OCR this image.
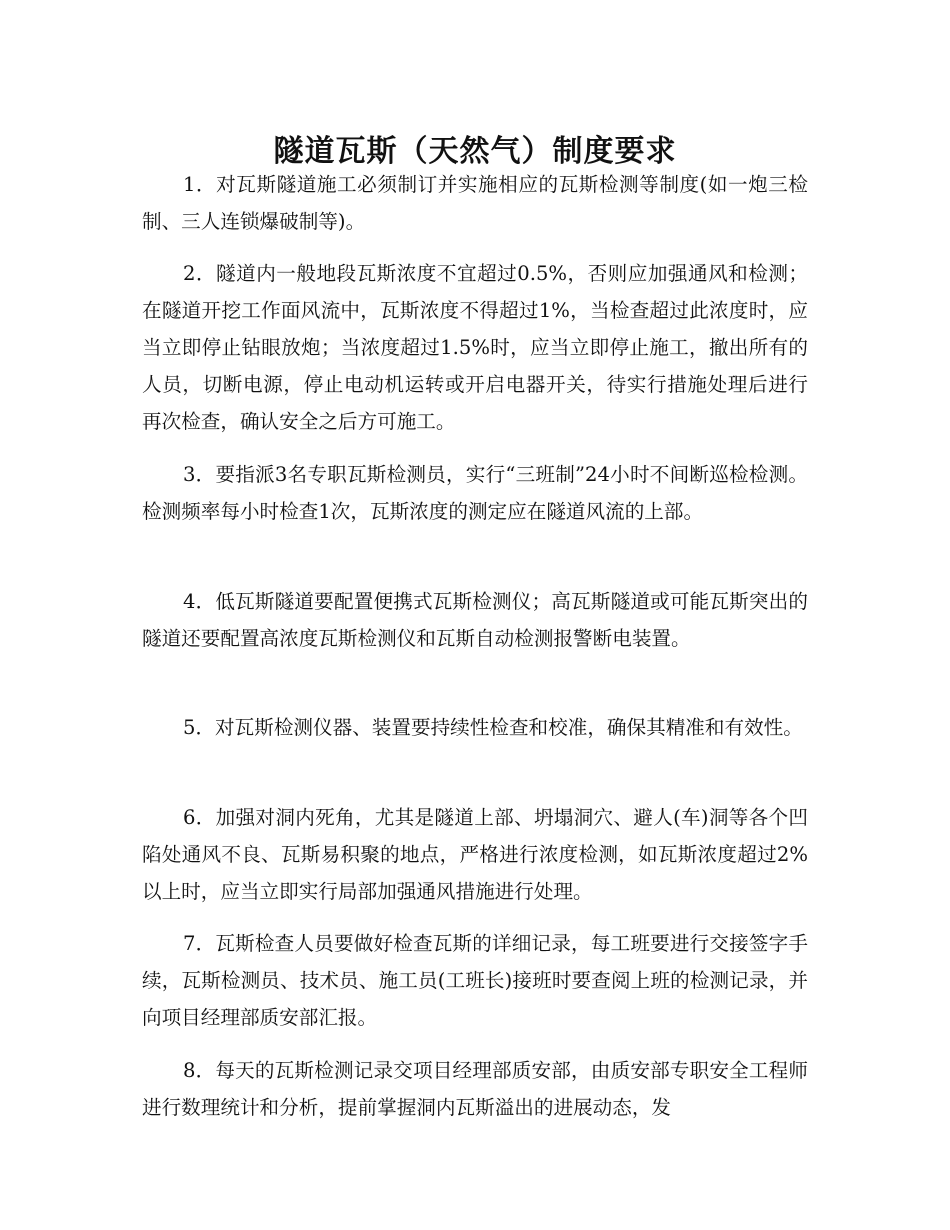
隧道瓦斯（天然气）制度要求

1．对瓦斯隧道施工必须制订并实施相应的瓦斯检测等制度(如一炮三检制、三人连锁爆破制等)。

2．隧道内一般地段瓦斯浓度不宜超过0.5%，否则应加强通风和检测；在隧道开挖工作面风流中，瓦斯浓度不得超过1%，当检查超过此浓度时，应当立即停止钻眼放炮；当浓度超过1.5%时，应当立即停止施工，撤出所有的人员，切断电源，停止电动机运转或开启电器开关，待实行措施处理后进行再次检查，确认安全之后方可施工。

3．要指派3名专职瓦斯检测员，实行“三班制”24小时不间断巡检检测。检测频率每小时检查1次，瓦斯浓度的测定应在隧道风流的上部。

4．低瓦斯隧道要配置便携式瓦斯检测仪；高瓦斯隧道或可能瓦斯突出的隧道还要配置高浓度瓦斯检测仪和瓦斯自动检测报警断电装置。

5．对瓦斯检测仪器、装置要持续性检查和校准，确保其精准和有效性。

6．加强对洞内死角，尤其是隧道上部、坍塌洞穴、避人(车)洞等各个凹陷处通风不良、瓦斯易积聚的地点，严格进行浓度检测，如瓦斯浓度超过2%以上时，应当立即实行局部加强通风措施进行处理。

7．瓦斯检查人员要做好检查瓦斯的详细记录，每工班要进行交接签字手续，瓦斯检测员、技术员、施工员(工班长)接班时要查阅上班的检测记录，并向项目经理部质安部汇报。

8．每天的瓦斯检测记录交项目经理部质安部，由质安部专职安全工程师进行数理统计和分析，提前掌握洞内瓦斯溢出的进展动态，发
